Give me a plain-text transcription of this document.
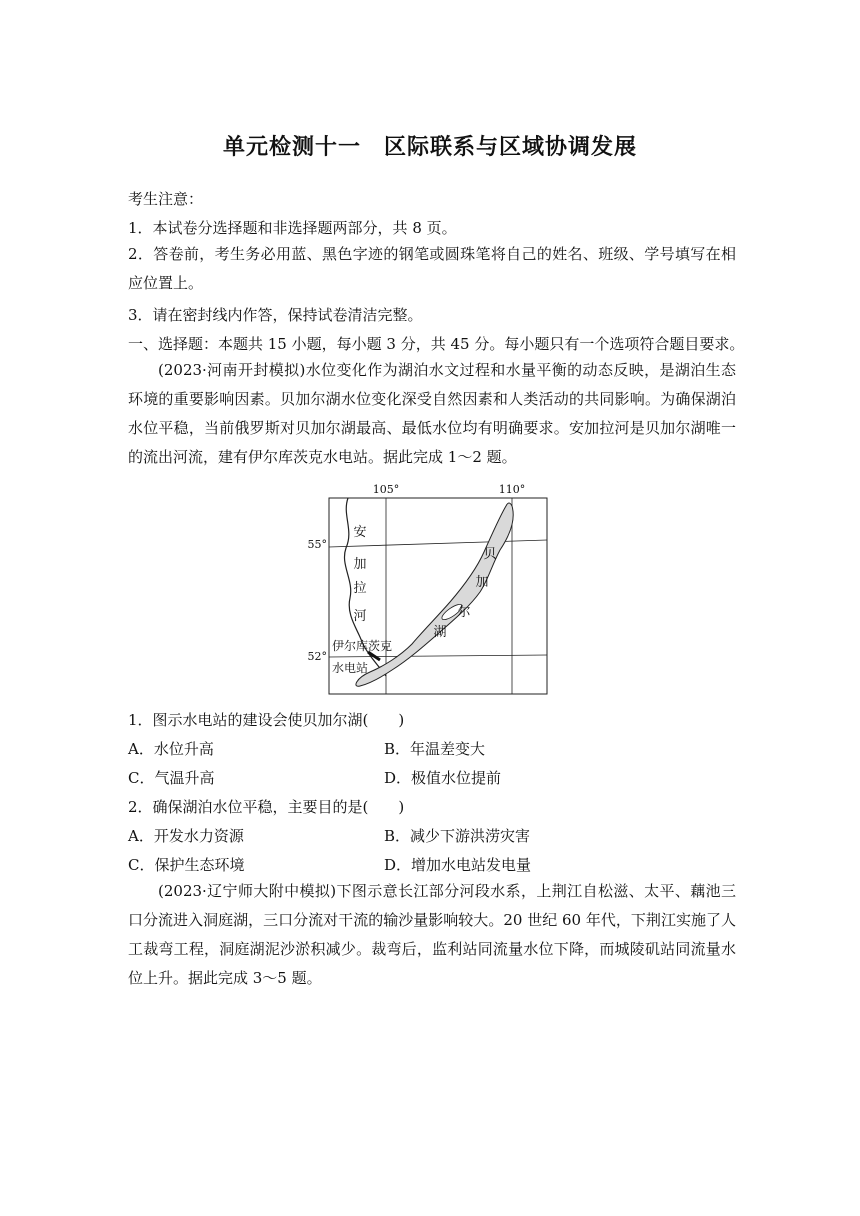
单元检测十一　区际联系与区域协调发展
考生注意：
1．本试卷分选择题和非选择题两部分，共 8 页。
2．答卷前，考生务必用蓝、黑色字迹的钢笔或圆珠笔将自己的姓名、班级、学号填写在相应位置上。
3．请在密封线内作答，保持试卷清洁完整。
一、选择题：本题共 15 小题，每小题 3 分，共 45 分。每小题只有一个选项符合题目要求。
(2023·河南开封模拟)水位变化作为湖泊水文过程和水量平衡的动态反映，是湖泊生态环境的重要影响因素。贝加尔湖水位变化深受自然因素和人类活动的共同影响。为确保湖泊水位平稳，当前俄罗斯对贝加尔湖最高、最低水位均有明确要求。安加拉河是贝加尔湖唯一的流出河流，建有伊尔库茨克水电站。据此完成 1～2 题。
105°	110°
55°
52°
安
加
拉
河
贝
加
尔
湖
伊尔库茨克
水电站
1．图示水电站的建设会使贝加尔湖(　　)
A．水位升高	B．年温差变大
C．气温升高	D．极值水位提前
2．确保湖泊水位平稳，主要目的是(　　)
A．开发水力资源	B．减少下游洪涝灾害
C．保护生态环境	D．增加水电站发电量
(2023·辽宁师大附中模拟)下图示意长江部分河段水系，上荆江自松滋、太平、藕池三口分流进入洞庭湖，三口分流对干流的输沙量影响较大。20 世纪 60 年代，下荆江实施了人工裁弯工程，洞庭湖泥沙淤积减少。裁弯后，监利站同流量水位下降，而城陵矶站同流量水位上升。据此完成 3～5 题。
